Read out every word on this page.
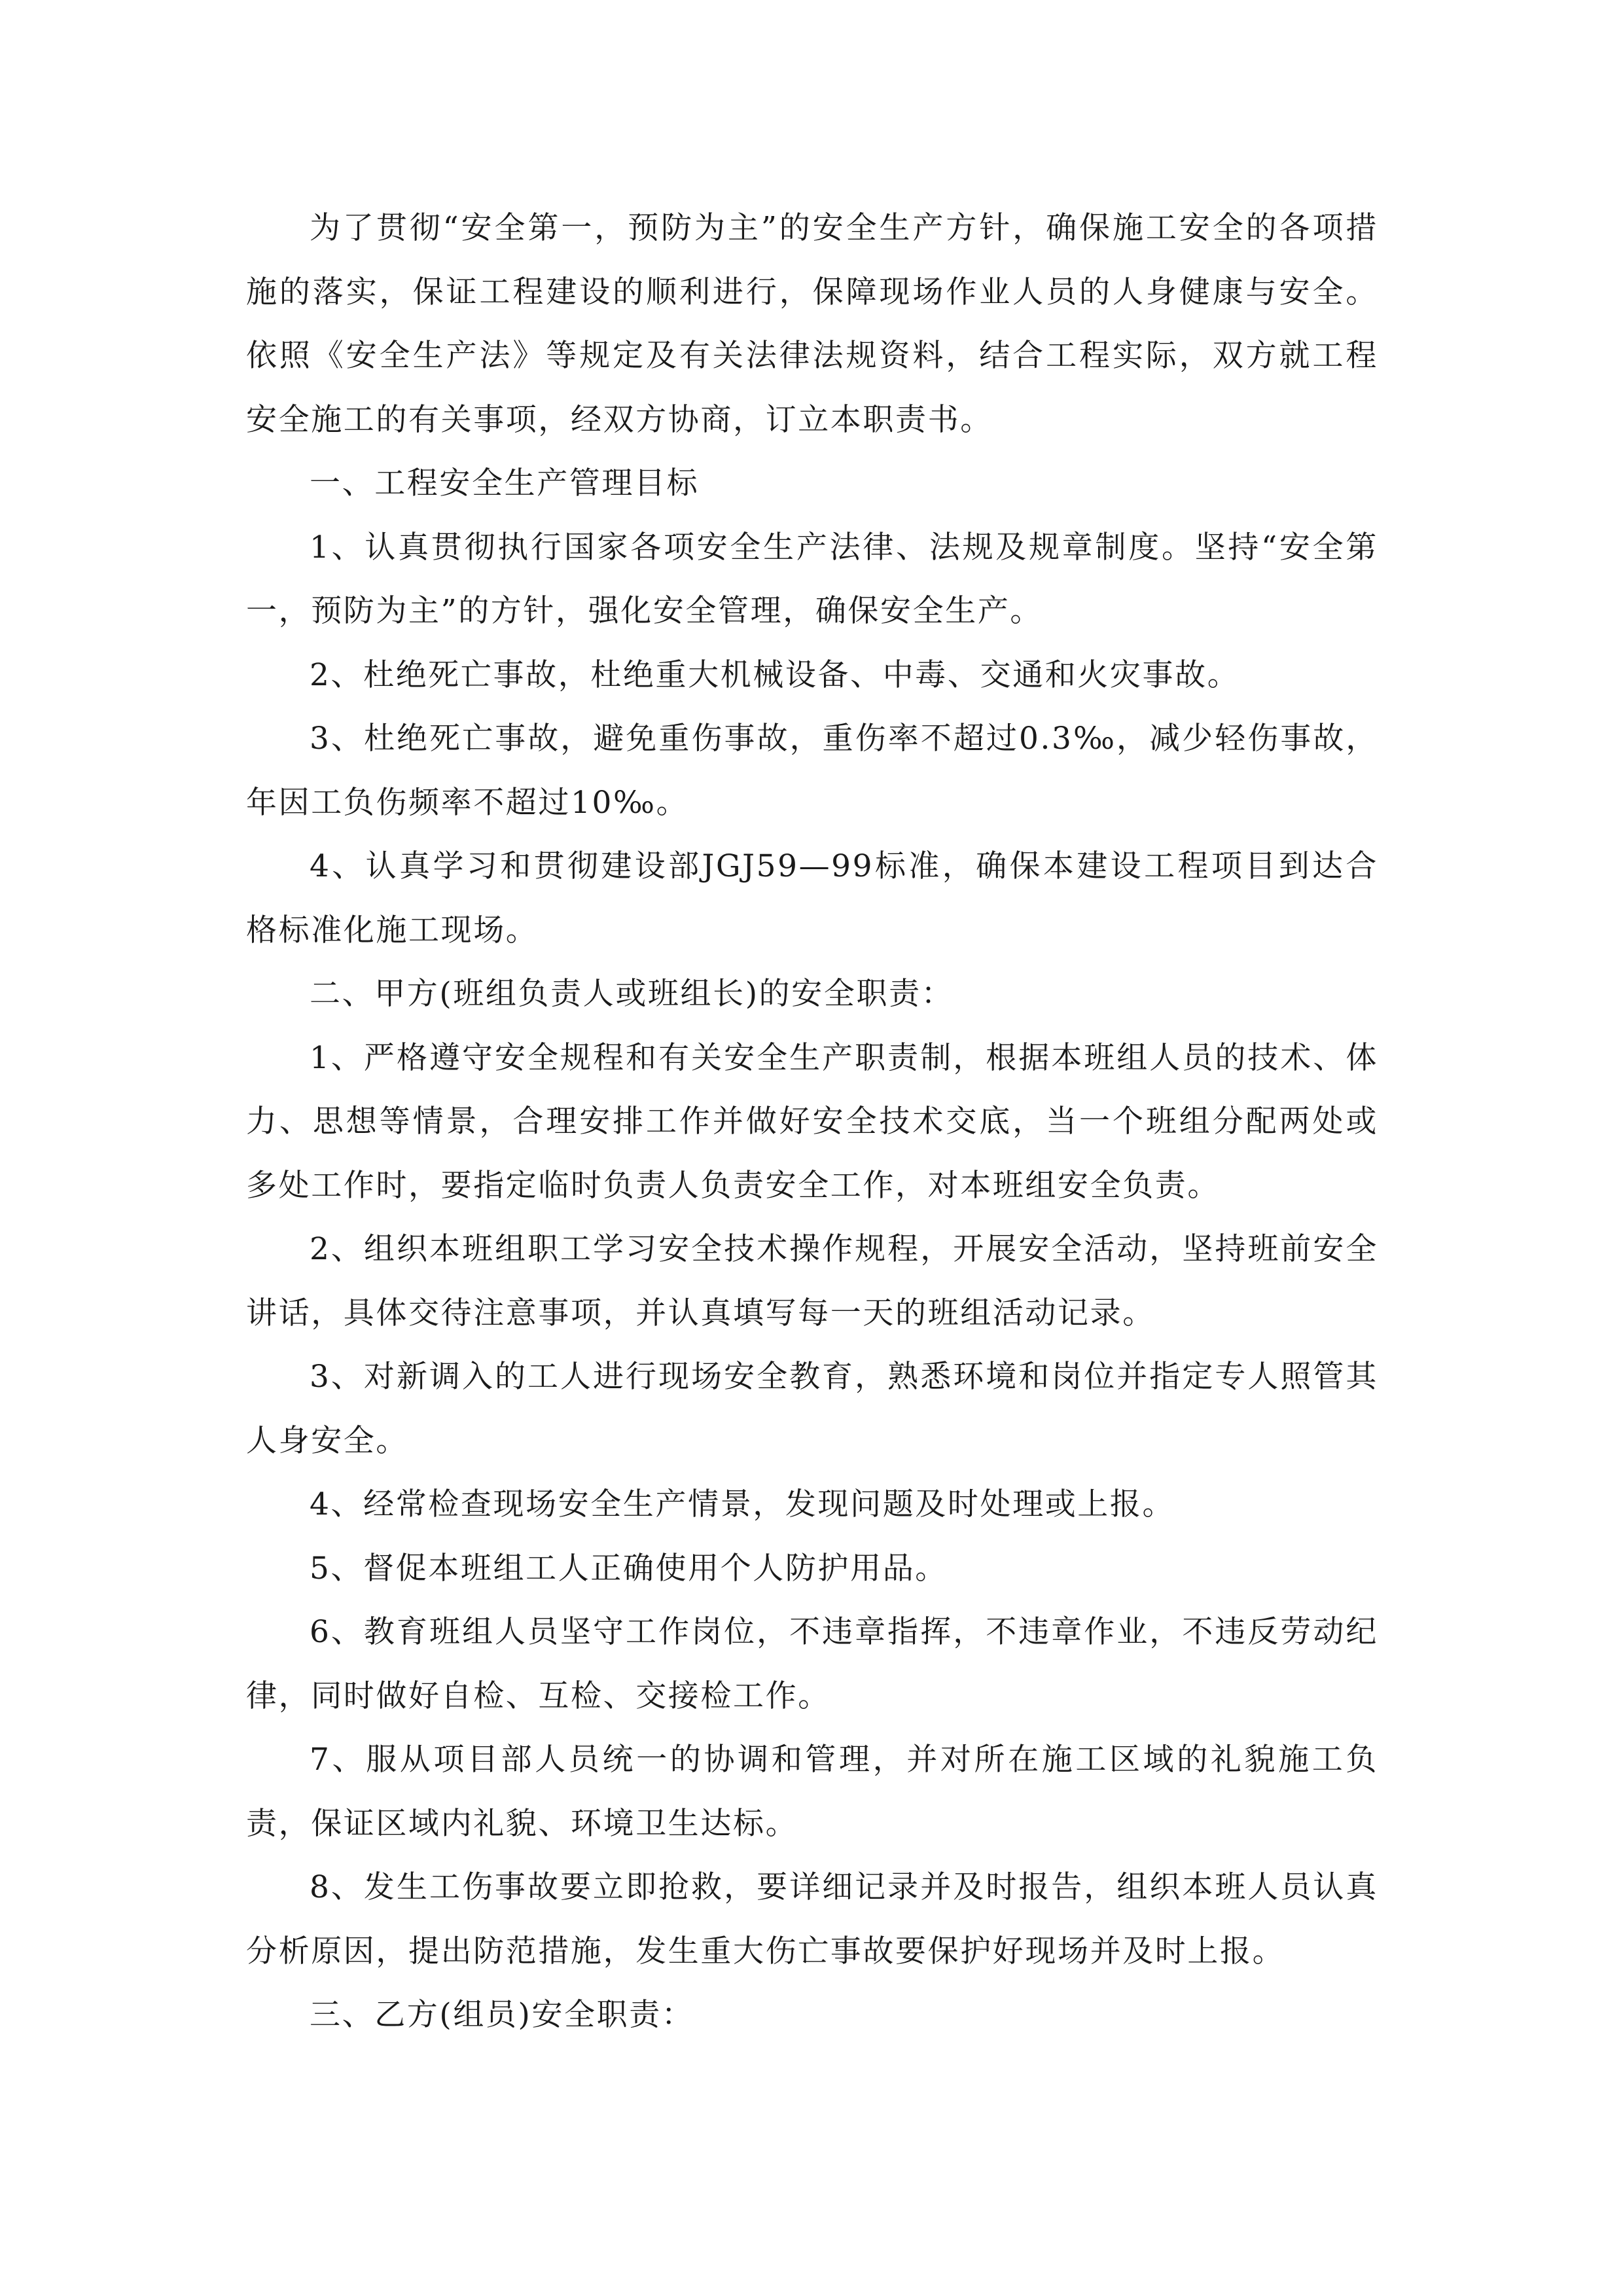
为了贯彻“安全第一，预防为主”的安全生产方针，确保施工安全的各项措施的落实，保证工程建设的顺利进行，保障现场作业人员的人身健康与安全。依照《安全生产法》等规定及有关法律法规资料，结合工程实际，双方就工程安全施工的有关事项，经双方协商，订立本职责书。

一、工程安全生产管理目标

1、认真贯彻执行国家各项安全生产法律、法规及规章制度。坚持“安全第一，预防为主”的方针，强化安全管理，确保安全生产。

2、杜绝死亡事故，杜绝重大机械设备、中毒、交通和火灾事故。

3、杜绝死亡事故，避免重伤事故，重伤率不超过0.3‰，减少轻伤事故，年因工负伤频率不超过10‰。

4、认真学习和贯彻建设部JGJ59—99标准，确保本建设工程项目到达合格标准化施工现场。

二、甲方(班组负责人或班组长)的安全职责：

1、严格遵守安全规程和有关安全生产职责制，根据本班组人员的技术、体力、思想等情景，合理安排工作并做好安全技术交底，当一个班组分配两处或多处工作时，要指定临时负责人负责安全工作，对本班组安全负责。

2、组织本班组职工学习安全技术操作规程，开展安全活动，坚持班前安全讲话，具体交待注意事项，并认真填写每一天的班组活动记录。

3、对新调入的工人进行现场安全教育，熟悉环境和岗位并指定专人照管其人身安全。

4、经常检查现场安全生产情景，发现问题及时处理或上报。

5、督促本班组工人正确使用个人防护用品。

6、教育班组人员坚守工作岗位，不违章指挥，不违章作业，不违反劳动纪律，同时做好自检、互检、交接检工作。

7、服从项目部人员统一的协调和管理，并对所在施工区域的礼貌施工负责，保证区域内礼貌、环境卫生达标。

8、发生工伤事故要立即抢救，要详细记录并及时报告，组织本班人员认真分析原因，提出防范措施，发生重大伤亡事故要保护好现场并及时上报。

三、乙方(组员)安全职责：
